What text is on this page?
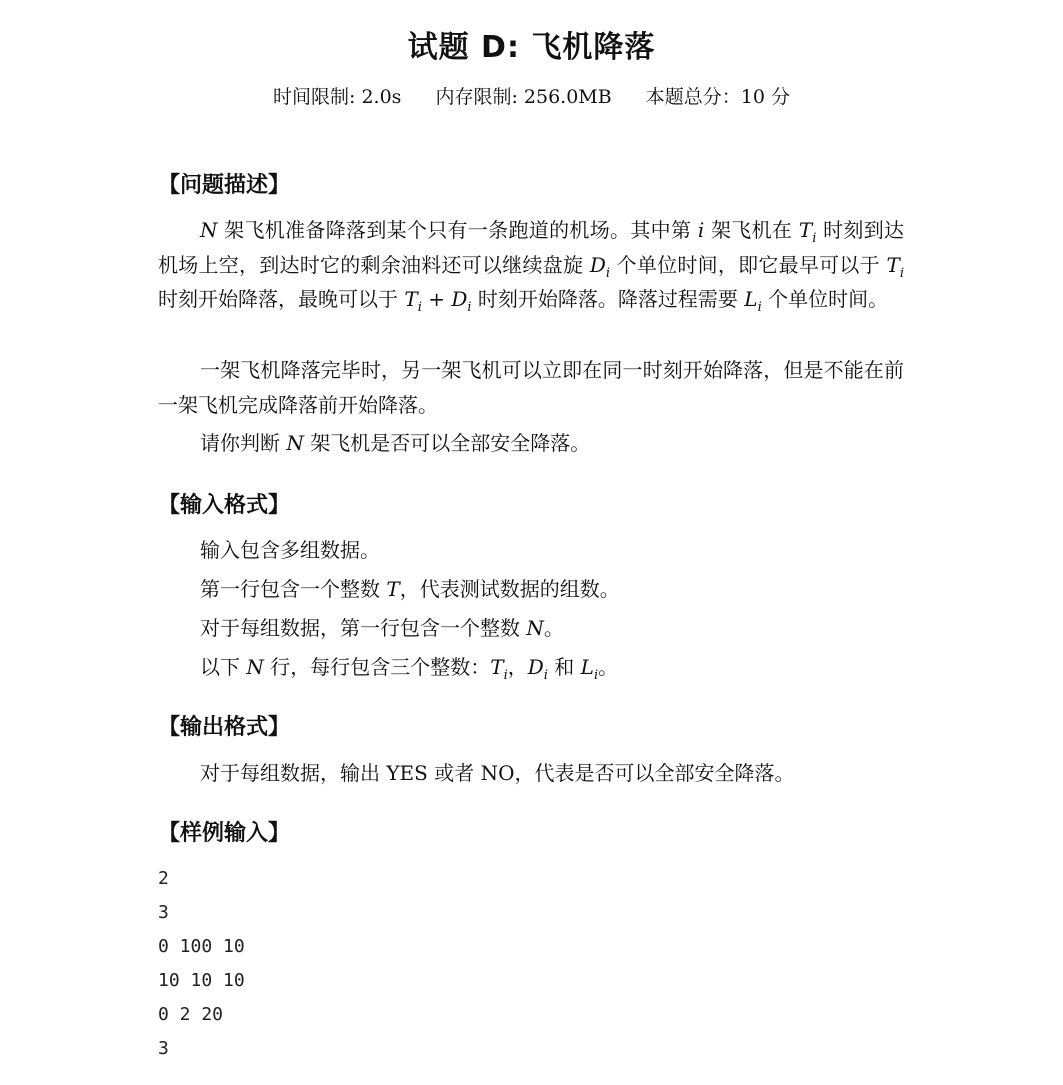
试题 D: 飞机降落
时间限制: 2.0s 内存限制: 256.0MB 本题总分：10 分
【问题描述】
N 架飞机准备降落到某个只有一条跑道的机场。其中第 i 架飞机在 $T_i$ 时刻到达机场上空，到达时它的剩余油料还可以继续盘旋 $D_i$ 个单位时间，即它最早可以于 $T_i$ 时刻开始降落，最晚可以于 $T_i + D_i$ 时刻开始降落。降落过程需要 $L_i$ 个单位时间。
一架飞机降落完毕时，另一架飞机可以立即在同一时刻开始降落，但是不能在前一架飞机完成降落前开始降落。
请你判断 N 架飞机是否可以全部安全降落。
【输入格式】
输入包含多组数据。
第一行包含一个整数 T，代表测试数据的组数。
对于每组数据，第一行包含一个整数 N。
以下 N 行，每行包含三个整数：$T_i$，$D_i$ 和 $L_i$。
【输出格式】
对于每组数据，输出 YES 或者 NO，代表是否可以全部安全降落。
【样例输入】
2
3
0 100 10
10 10 10
0 2 20
3
